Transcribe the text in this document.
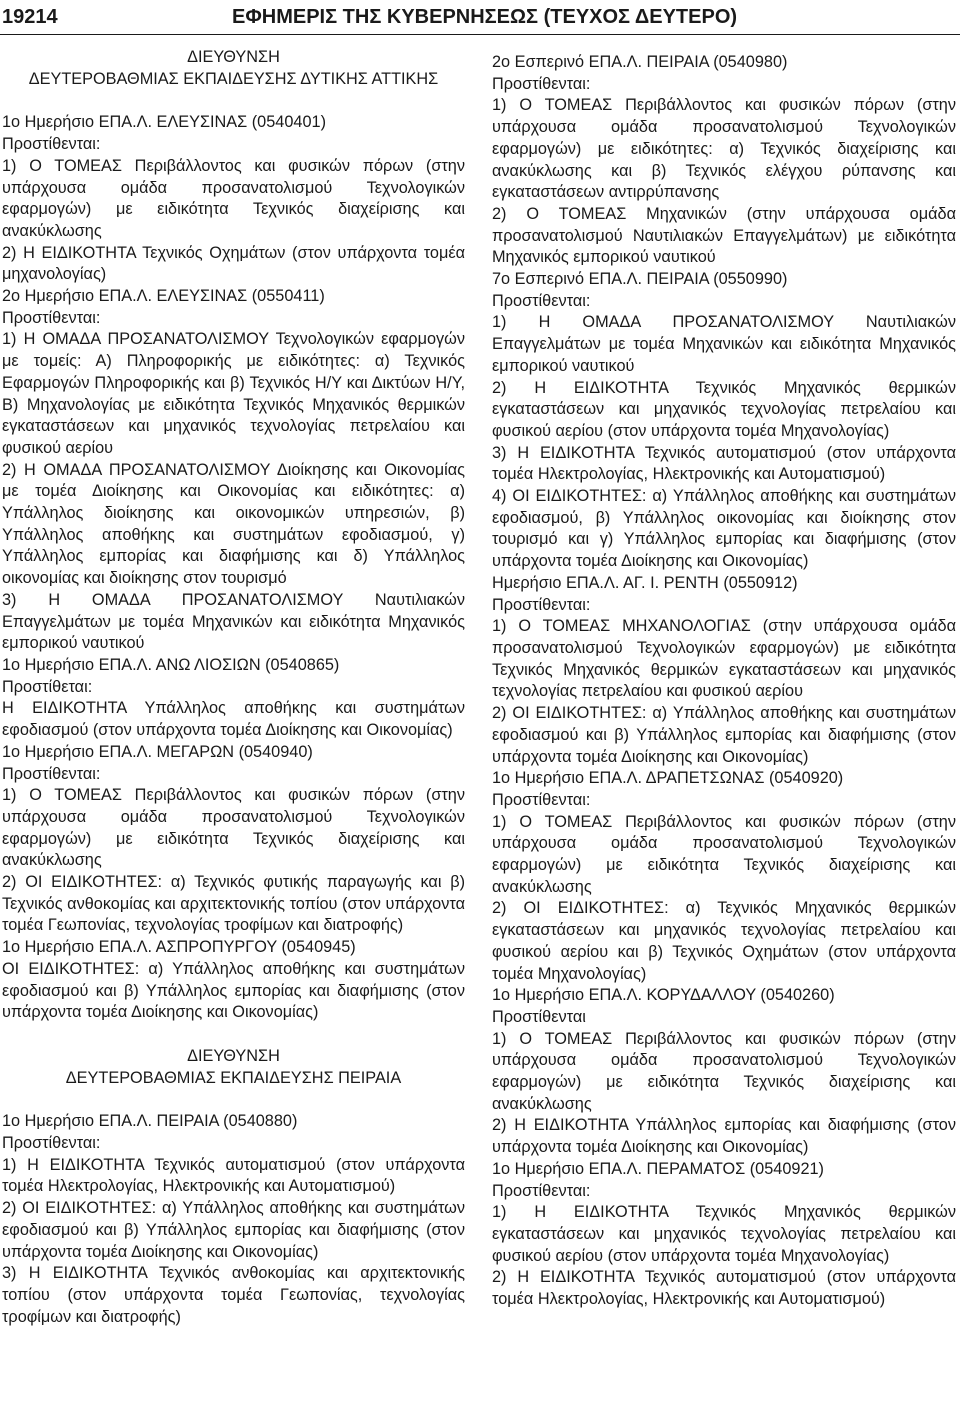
19214	ΕΦΗΜΕΡΙΣ ΤΗΣ ΚΥΒΕΡΝΗΣΕΩΣ (ΤΕΥΧΟΣ ΔΕΥΤΕΡΟ)

ΔΙΕΥΘΥΝΣΗ

ΔΕΥΤΕΡΟΒΑΘΜΙΑΣ ΕΚΠΑΙΔΕΥΣΗΣ ΔΥΤΙΚΗΣ ΑΤΤΙΚΗΣ

1ο Ημερήσιο ΕΠΑ.Λ. ΕΛΕΥΣΙΝΑΣ (0540401)

Προστίθενται:

1) Ο ΤΟΜΕΑΣ Περιβάλλοντος και φυσικών πόρων (στην υπάρχουσα ομάδα προσανατολισμού Τεχνολογικών εφαρμογών) με ειδικότητα Τεχνικός διαχείρισης και ανακύκλωσης

2) Η ΕΙΔΙΚΟΤΗΤΑ Τεχνικός Οχημάτων (στον υπάρχοντα τομέα μηχανολογίας)

2ο Ημερήσιο ΕΠΑ.Λ. ΕΛΕΥΣΙΝΑΣ (0550411)

Προστίθενται:

1) Η ΟΜΑΔΑ ΠΡΟΣΑΝΑΤΟΛΙΣΜΟΥ Τεχνολογικών εφαρμογών με τομείς: Α) Πληροφορικής με ειδικότητες: α) Τεχνικός Εφαρμογών Πληροφορικής και β) Τεχνικός Η/Υ και Δικτύων Η/Υ, Β) Μηχανολογίας με ειδικότητα Τεχνικός Μηχανικός θερμικών εγκαταστάσεων και μηχανικός τεχνολογίας πετρελαίου και φυσικού αερίου

2) Η ΟΜΑΔΑ ΠΡΟΣΑΝΑΤΟΛΙΣΜΟΥ Διοίκησης και Οικονομίας με τομέα Διοίκησης και Οικονομίας και ειδικότητες: α) Υπάλληλος διοίκησης και οικονομικών υπηρεσιών, β) Υπάλληλος αποθήκης και συστημάτων εφοδιασμού, γ) Υπάλληλος εμπορίας και διαφήμισης και δ) Υπάλληλος οικονομίας και διοίκησης στον τουρισμό

3) Η ΟΜΑΔΑ ΠΡΟΣΑΝΑΤΟΛΙΣΜΟΥ Ναυτιλιακών Επαγγελμάτων με τομέα Μηχανικών και ειδικότητα Μηχανικός εμπορικού ναυτικού

1ο Ημερήσιο ΕΠΑ.Λ. ΑΝΩ ΛΙΟΣΙΩΝ (0540865)

Προστίθεται:

Η ΕΙΔΙΚΟΤΗΤΑ Υπάλληλος αποθήκης και συστημάτων εφοδιασμού (στον υπάρχοντα τομέα Διοίκησης και Οικονομίας)

1ο Ημερήσιο ΕΠΑ.Λ. ΜΕΓΑΡΩΝ (0540940)

Προστίθενται:

1) Ο ΤΟΜΕΑΣ Περιβάλλοντος και φυσικών πόρων (στην υπάρχουσα ομάδα προσανατολισμού Τεχνολογικών εφαρμογών) με ειδικότητα Τεχνικός διαχείρισης και ανακύκλωσης

2) ΟΙ ΕΙΔΙΚΟΤΗΤΕΣ: α) Τεχνικός φυτικής παραγωγής και β) Τεχνικός ανθοκομίας και αρχιτεκτονικής τοπίου (στον υπάρχοντα τομέα Γεωπονίας, τεχνολογίας τροφίμων και διατροφής)

1ο Ημερήσιο ΕΠΑ.Λ. ΑΣΠΡΟΠΥΡΓΟΥ (0540945)

ΟΙ ΕΙΔΙΚΟΤΗΤΕΣ: α) Υπάλληλος αποθήκης και συστημάτων εφοδιασμού και β) Υπάλληλος εμπορίας και διαφήμισης (στον υπάρχοντα τομέα Διοίκησης και Οικονομίας)

ΔΙΕΥΘΥΝΣΗ

ΔΕΥΤΕΡΟΒΑΘΜΙΑΣ ΕΚΠΑΙΔΕΥΣΗΣ ΠΕΙΡΑΙΑ

1ο Ημερήσιο ΕΠΑ.Λ. ΠΕΙΡΑΙΑ (0540880)

Προστίθενται:

1) Η ΕΙΔΙΚΟΤΗΤΑ Τεχνικός αυτοματισμού (στον υπάρχοντα τομέα Ηλεκτρολογίας, Ηλεκτρονικής και Αυτοματισμού)

2) ΟΙ ΕΙΔΙΚΟΤΗΤΕΣ: α) Υπάλληλος αποθήκης και συστημάτων εφοδιασμού και β) Υπάλληλος εμπορίας και διαφήμισης (στον υπάρχοντα τομέα Διοίκησης και Οικονομίας)

3) Η ΕΙΔΙΚΟΤΗΤΑ Τεχνικός ανθοκομίας και αρχιτεκτονικής τοπίου (στον υπάρχοντα τομέα Γεωπονίας, τεχνολογίας τροφίμων και διατροφής)

2ο Εσπερινό ΕΠΑ.Λ. ΠΕΙΡΑΙΑ (0540980)

Προστίθενται:

1) Ο ΤΟΜΕΑΣ Περιβάλλοντος και φυσικών πόρων (στην υπάρχουσα ομάδα προσανατολισμού Τεχνολογικών εφαρμογών) με ειδικότητες: α) Τεχνικός διαχείρισης και ανακύκλωσης και β) Τεχνικός ελέγχου ρύπανσης και εγκαταστάσεων αντιρρύπανσης

2) Ο ΤΟΜΕΑΣ Μηχανικών (στην υπάρχουσα ομάδα προσανατολισμού Ναυτιλιακών Επαγγελμάτων) με ειδικότητα Μηχανικός εμπορικού ναυτικού

7ο Εσπερινό ΕΠΑ.Λ. ΠΕΙΡΑΙΑ (0550990)

Προστίθενται:

1) Η ΟΜΑΔΑ ΠΡΟΣΑΝΑΤΟΛΙΣΜΟΥ Ναυτιλιακών Επαγγελμάτων με τομέα Μηχανικών και ειδικότητα Μηχανικός εμπορικού ναυτικού

2) Η ΕΙΔΙΚΟΤΗΤΑ Τεχνικός Μηχανικός θερμικών εγκαταστάσεων και μηχανικός τεχνολογίας πετρελαίου και φυσικού αερίου (στον υπάρχοντα τομέα Μηχανολογίας)

3) Η ΕΙΔΙΚΟΤΗΤΑ Τεχνικός αυτοματισμού (στον υπάρχοντα τομέα Ηλεκτρολογίας, Ηλεκτρονικής και Αυτοματισμού)

4) ΟΙ ΕΙΔΙΚΟΤΗΤΕΣ: α) Υπάλληλος αποθήκης και συστημάτων εφοδιασμού, β) Υπάλληλος οικονομίας και διοίκησης στον τουρισμό και γ) Υπάλληλος εμπορίας και διαφήμισης (στον υπάρχοντα τομέα Διοίκησης και Οικονομίας)

Ημερήσιο ΕΠΑ.Λ. ΑΓ. Ι. ΡΕΝΤΗ (0550912)

Προστίθενται:

1) Ο ΤΟΜΕΑΣ ΜΗΧΑΝΟΛΟΓΙΑΣ (στην υπάρχουσα ομάδα προσανατολισμού Τεχνολογικών εφαρμογών) με ειδικότητα Τεχνικός Μηχανικός θερμικών εγκαταστάσεων και μηχανικός τεχνολογίας πετρελαίου και φυσικού αερίου

2) ΟΙ ΕΙΔΙΚΟΤΗΤΕΣ: α) Υπάλληλος αποθήκης και συστημάτων εφοδιασμού και β) Υπάλληλος εμπορίας και διαφήμισης (στον υπάρχοντα τομέα Διοίκησης και Οικονομίας)

1ο Ημερήσιο ΕΠΑ.Λ. ΔΡΑΠΕΤΣΩΝΑΣ (0540920)

Προστίθενται:

1) Ο ΤΟΜΕΑΣ Περιβάλλοντος και φυσικών πόρων (στην υπάρχουσα ομάδα προσανατολισμού Τεχνολογικών εφαρμογών) με ειδικότητα Τεχνικός διαχείρισης και ανακύκλωσης

2) ΟΙ ΕΙΔΙΚΟΤΗΤΕΣ: α) Τεχνικός Μηχανικός θερμικών εγκαταστάσεων και μηχανικός τεχνολογίας πετρελαίου και φυσικού αερίου και β) Τεχνικός Οχημάτων (στον υπάρχοντα τομέα Μηχανολογίας)

1ο Ημερήσιο ΕΠΑ.Λ. ΚΟΡΥΔΑΛΛΟΥ (0540260)

Προστίθενται

1) Ο ΤΟΜΕΑΣ Περιβάλλοντος και φυσικών πόρων (στην υπάρχουσα ομάδα προσανατολισμού Τεχνολογικών εφαρμογών) με ειδικότητα Τεχνικός διαχείρισης και ανακύκλωσης

2) Η ΕΙΔΙΚΟΤΗΤΑ Υπάλληλος εμπορίας και διαφήμισης (στον υπάρχοντα τομέα Διοίκησης και Οικονομίας)

1ο Ημερήσιο ΕΠΑ.Λ. ΠΕΡΑΜΑΤΟΣ (0540921)

Προστίθενται:

1) Η ΕΙΔΙΚΟΤΗΤΑ Τεχνικός Μηχανικός θερμικών εγκαταστάσεων και μηχανικός τεχνολογίας πετρελαίου και φυσικού αερίου (στον υπάρχοντα τομέα Μηχανολογίας)

2) Η ΕΙΔΙΚΟΤΗΤΑ Τεχνικός αυτοματισμού (στον υπάρχοντα τομέα Ηλεκτρολογίας, Ηλεκτρονικής και Αυτοματισμού)
